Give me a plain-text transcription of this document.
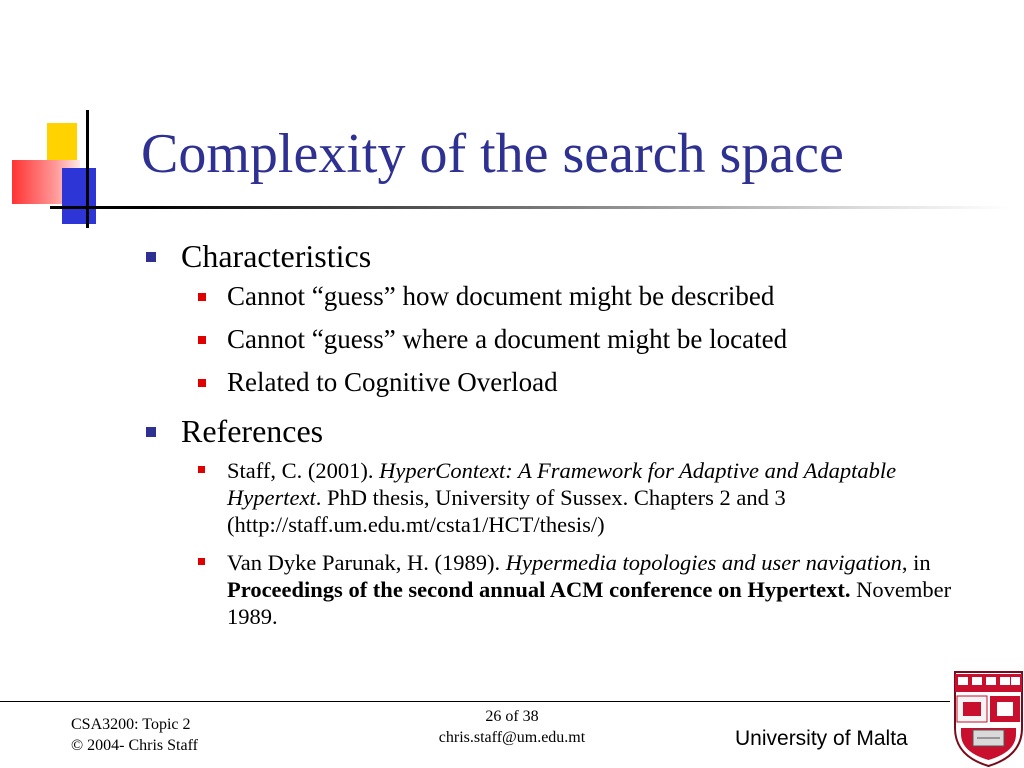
Complexity of the search space
Characteristics
Cannot “guess” how document might be described
Cannot “guess” where a document might be located
Related to Cognitive Overload
References
Staff, C. (2001). HyperContext: A Framework for Adaptive and Adaptable Hypertext. PhD thesis, University of Sussex. Chapters 2 and 3 (http://staff.um.edu.mt/csta1/HCT/thesis/)
Van Dyke Parunak, H. (1989). Hypermedia topologies and user navigation, in Proceedings of the second annual ACM conference on Hypertext. November 1989.
CSA3200: Topic 2
© 2004- Chris Staff
26 of 38
chris.staff@um.edu.mt	University of Malta
